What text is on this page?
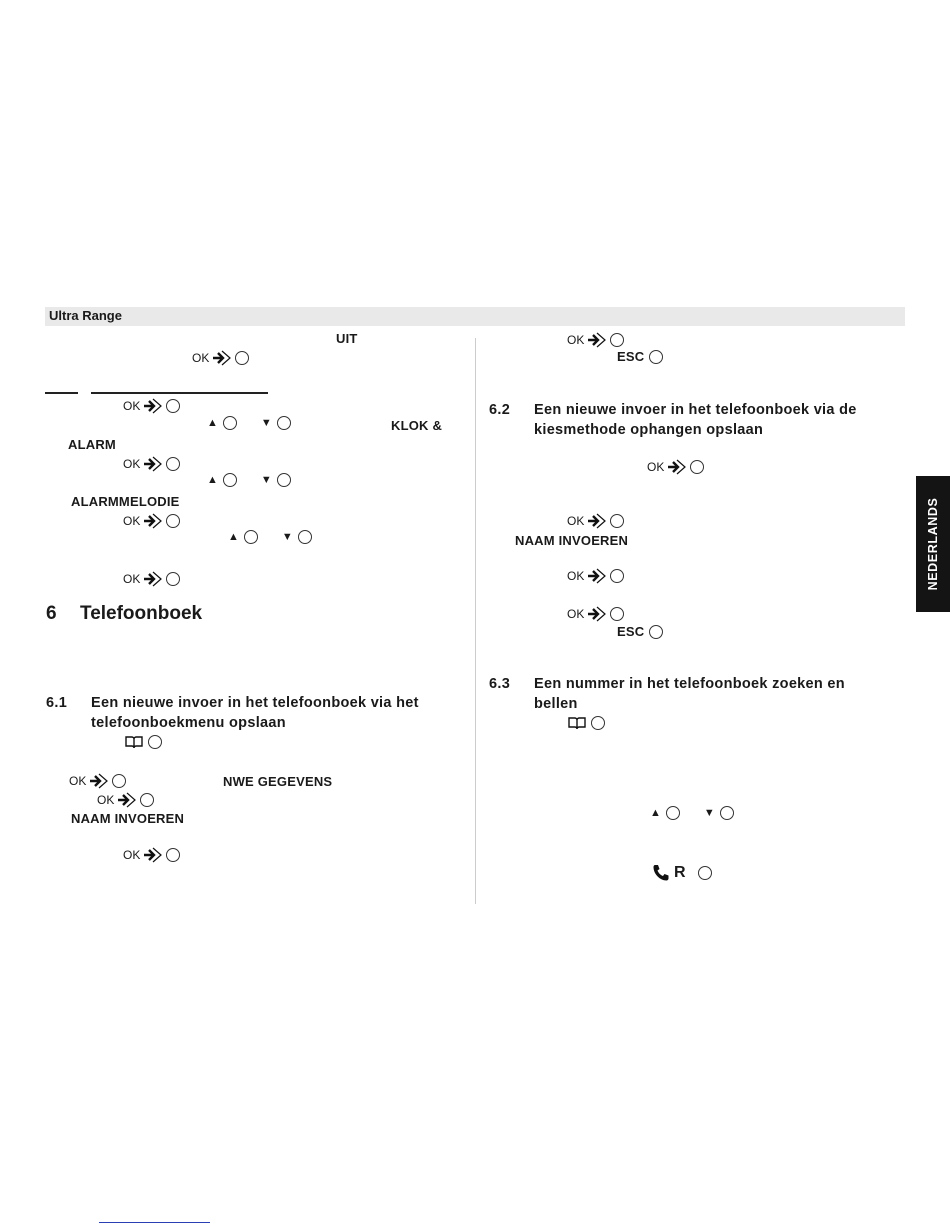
Ultra Range
NEDERLANDS
UIT
OK
OK
▲	▼	KLOK &
ALARM
OK
▲	▼
ALARMMELODIE
OK
▲	▼
OK
6 Telefoonboek
6.1 Een nieuwe invoer in het telefoonboek via het
telefoonboekmenu opslaan
OK	NWE GEGEVENS
OK
NAAM INVOEREN
OK
OK
ESC
6.2 Een nieuwe invoer in het telefoonboek via de
kiesmethode ophangen opslaan
OK
OK
NAAM INVOEREN
OK
OK
ESC
6.3 Een nummer in het telefoonboek zoeken en
bellen
▲	▼
R
